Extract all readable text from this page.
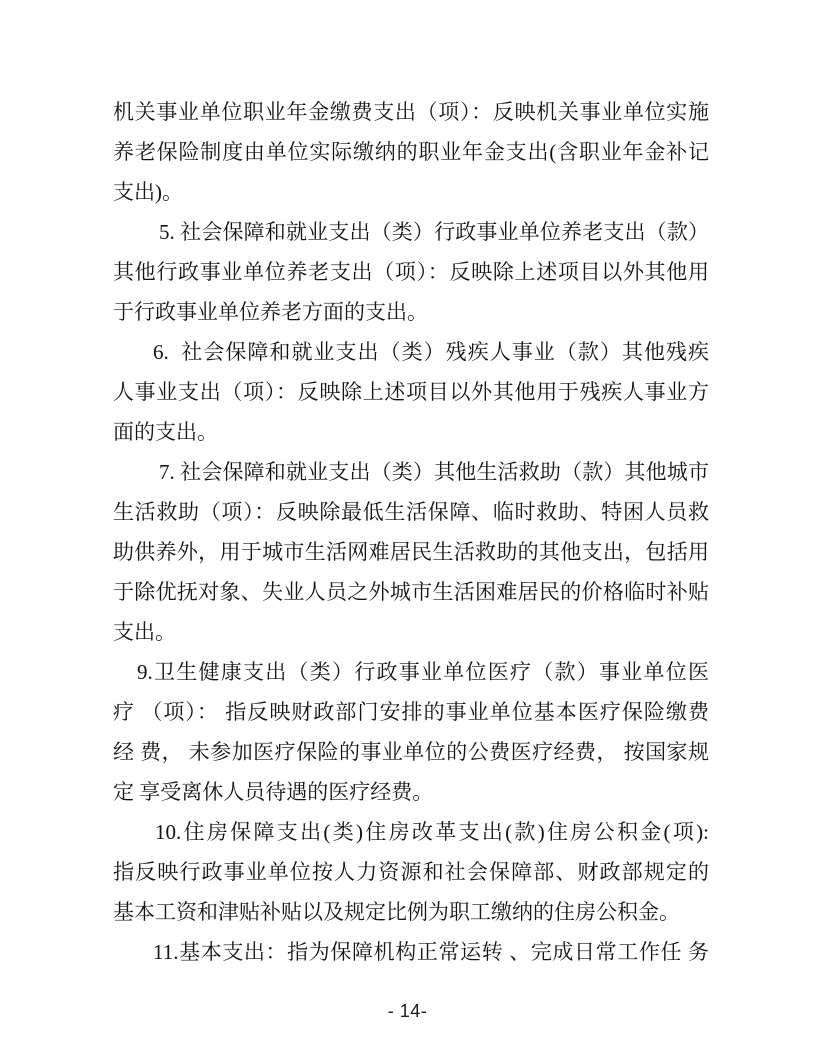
机关事业单位职业年金缴费支出（项）：反映机关事业单位实施
养老保险制度由单位实际缴纳的职业年金支出(含职业年金补记
支出)。
5. 社会保障和就业支出（类）行政事业单位养老支出（款）
其他行政事业单位养老支出（项）：反映除上述项目以外其他用
于行政事业单位养老方面的支出。
6.  社会保障和就业支出（类）残疾人事业（款）其他残疾
人事业支出（项）：反映除上述项目以外其他用于残疾人事业方
面的支出。
7. 社会保障和就业支出（类）其他生活救助（款）其他城市
生活救助（项）：反映除最低生活保障、临时救助、特困人员救
助供养外，用于城市生活网难居民生活救助的其他支出，包括用
于除优抚对象、失业人员之外城市生活困难居民的价格临时补贴
支出。
9.卫生健康支出（类）行政事业单位医疗（款）事业单位医
疗 （项）： 指反映财政部门安排的事业单位基本医疗保险缴费
经 费， 未参加医疗保险的事业单位的公费医疗经费， 按国家规
定 享受离休人员待遇的医疗经费。
10.住房保障支出(类)住房改革支出(款)住房公积金(项):
指反映行政事业单位按人力资源和社会保障部、财政部规定的
基本工资和津贴补贴以及规定比例为职工缴纳的住房公积金。
11.基本支出：指为保障机构正常运转 、完成日常工作任 务
- 14-
